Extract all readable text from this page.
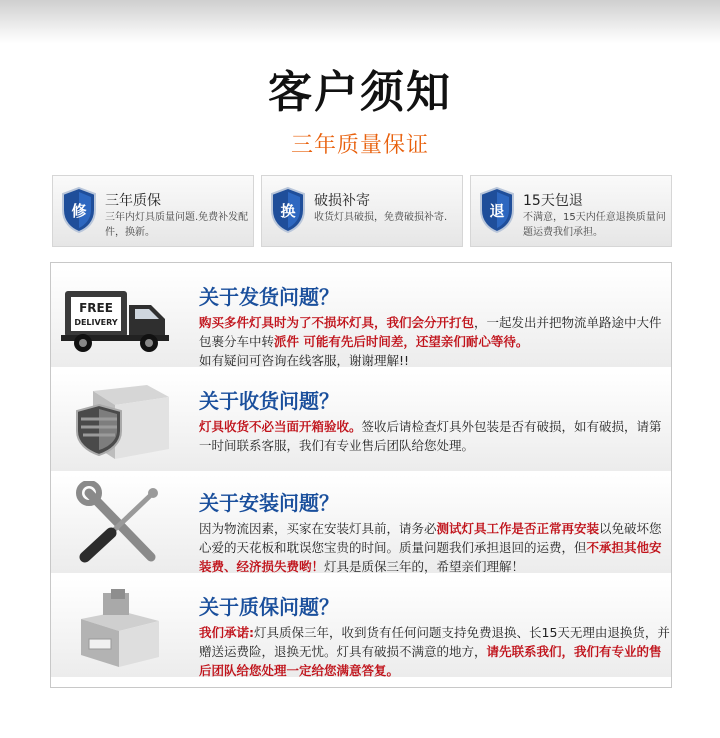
客户须知
三年质量保证
修
三年质保
三年内灯具质量问题.免费补发配件，换新。
换
破损补寄
收货灯具破损，免费破损补寄.	退
15天包退
不满意，15天内任意退换质量问题运费我们承担。
FREE
DELIVERY
关于发货问题？
购买多件灯具时为了不损坏灯具，我们会分开打包，一起发出并把物流单路途中大件包裹分车中转派件 可能有先后时间差，还望亲们耐心等待。
如有疑问可咨询在线客服，谢谢理解!!
关于收货问题？
灯具收货不必当面开箱验收。签收后请检查灯具外包装是否有破损，如有破损，请第一时间联系客服，我们有专业售后团队给您处理。
关于安装问题？
因为物流因素，买家在安装灯具前，请务必测试灯具工作是否正常再安装以免破坏您心爱的天花板和耽误您宝贵的时间。质量问题我们承担退回的运费，但不承担其他安装费、经济损失费哟！灯具是质保三年的，希望亲们理解！
关于质保问题？
我们承诺:灯具质保三年，收到货有任何问题支持免费退换、长15天无理由退换货，并赠送运费险，退换无忧。灯具有破损不满意的地方，请先联系我们，我们有专业的售后团队给您处理一定给您满意答复。
